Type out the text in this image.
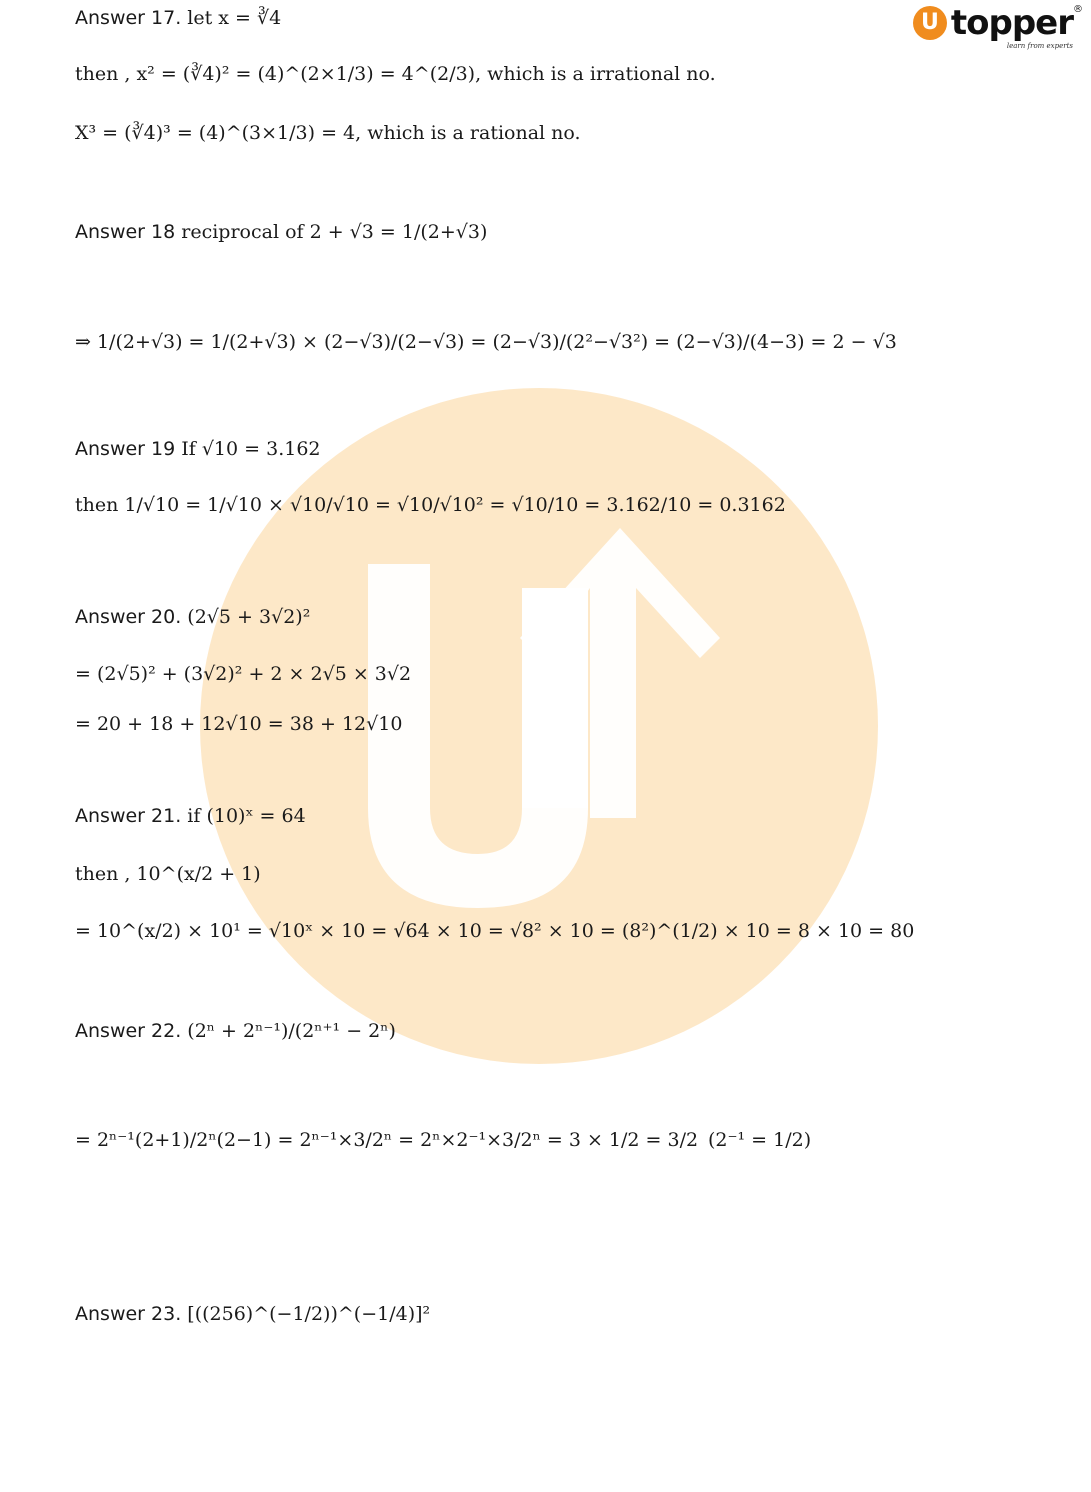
U topper ®
learn from experts
Answer 17. let x = ∛4
then , x² = (∛4)² = (4)^(2×1/3) = 4^(2/3), which is a irrational no.
X³ = (∛4)³ = (4)^(3×1/3) = 4, which is a rational no.
Answer 18 reciprocal of 2 + √3 = 1/(2+√3)
⇒ 1/(2+√3) = 1/(2+√3) × (2−√3)/(2−√3) = (2−√3)/(2²−√3²) = (2−√3)/(4−3) = 2 − √3
Answer 19 If √10 = 3.162
then 1/√10 = 1/√10 × √10/√10 = √10/√10² = √10/10 = 3.162/10 = 0.3162
Answer 20. (2√5 + 3√2)²
= (2√5)² + (3√2)² + 2 × 2√5 × 3√2
= 20 + 18 + 12√10 = 38 + 12√10
Answer 21. if (10)ˣ = 64
then , 10^(x/2 + 1)
= 10^(x/2) × 10¹ = √10ˣ × 10 = √64 × 10 = √8² × 10 = (8²)^(1/2) × 10 = 8 × 10 = 80
Answer 22. (2ⁿ + 2ⁿ⁻¹)/(2ⁿ⁺¹ − 2ⁿ)
= 2ⁿ⁻¹(2+1)/2ⁿ(2−1) = 2ⁿ⁻¹×3/2ⁿ = 2ⁿ×2⁻¹×3/2ⁿ = 3 × 1/2 = 3/2 (2⁻¹ = 1/2)
Answer 23. [((256)^(−1/2))^(−1/4)]²
